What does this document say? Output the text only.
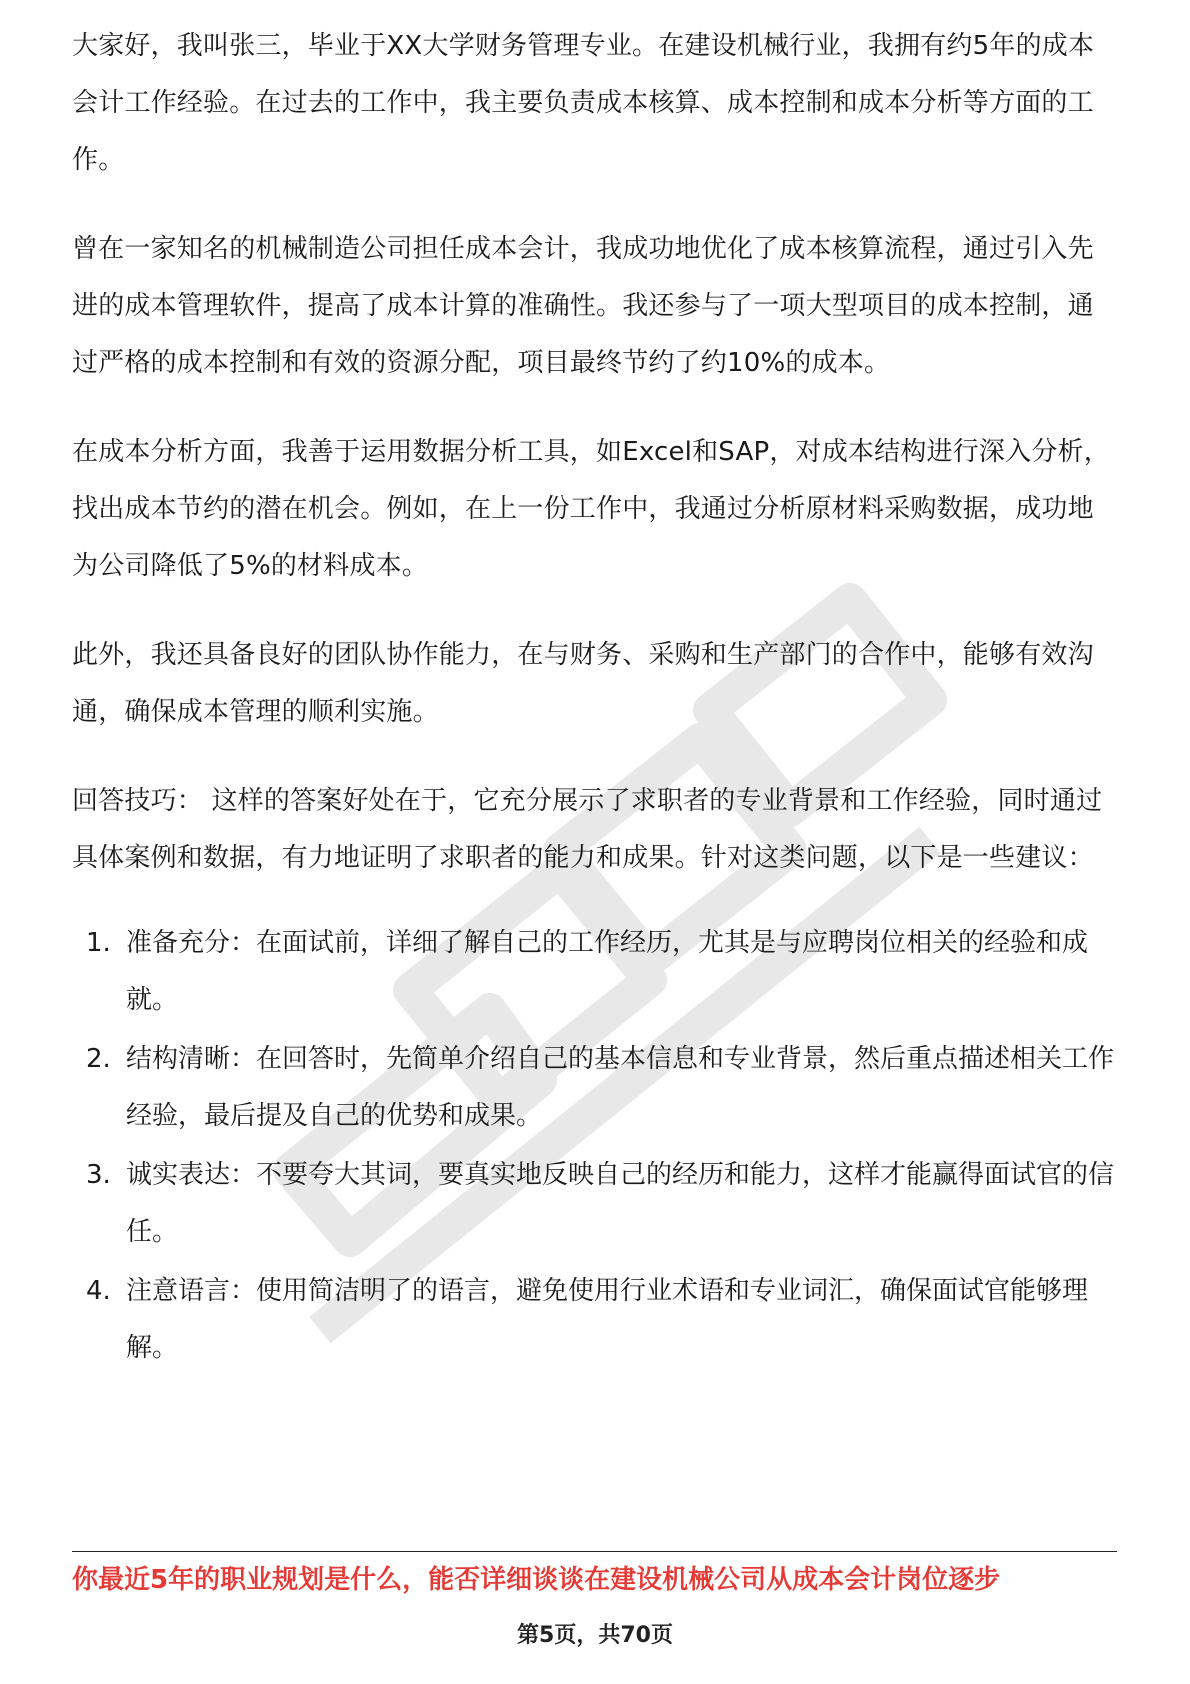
大家好，我叫张三，毕业于XX大学财务管理专业。在建设机械行业，我拥有约5年的成本会计工作经验。在过去的工作中，我主要负责成本核算、成本控制和成本分析等方面的工作。

曾在一家知名的机械制造公司担任成本会计，我成功地优化了成本核算流程，通过引入先进的成本管理软件，提高了成本计算的准确性。我还参与了一项大型项目的成本控制，通过严格的成本控制和有效的资源分配，项目最终节约了约10%的成本。

在成本分析方面，我善于运用数据分析工具，如Excel和SAP，对成本结构进行深入分析，找出成本节约的潜在机会。例如，在上一份工作中，我通过分析原材料采购数据，成功地为公司降低了5%的材料成本。

此外，我还具备良好的团队协作能力，在与财务、采购和生产部门的合作中，能够有效沟通，确保成本管理的顺利实施。

回答技巧： 这样的答案好处在于，它充分展示了求职者的专业背景和工作经验，同时通过具体案例和数据，有力地证明了求职者的能力和成果。针对这类问题，以下是一些建议：

1. 准备充分：在面试前，详细了解自己的工作经历，尤其是与应聘岗位相关的经验和成就。
2. 结构清晰：在回答时，先简单介绍自己的基本信息和专业背景，然后重点描述相关工作经验，最后提及自己的优势和成果。
3. 诚实表达：不要夸大其词，要真实地反映自己的经历和能力，这样才能赢得面试官的信任。
4. 注意语言：使用简洁明了的语言，避免使用行业术语和专业词汇，确保面试官能够理解。
你最近5年的职业规划是什么，能否详细谈谈在建设机械公司从成本会计岗位逐步
第5页，共70页
